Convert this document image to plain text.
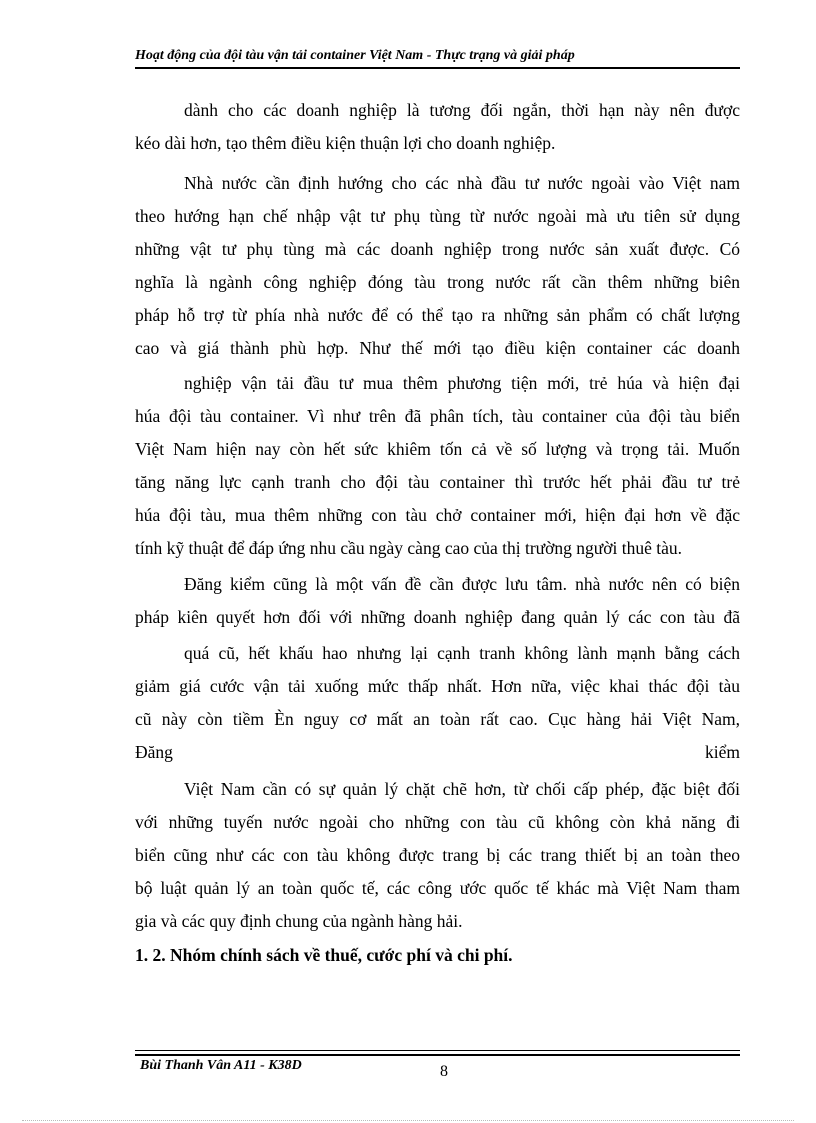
Hoạt động của đội tàu vận tải container Việt Nam - Thực trạng và giải pháp
dành cho các doanh nghiệp là tương đối ngắn, thời hạn này nên được
kéo dài hơn, tạo thêm điều kiện thuận lợi cho doanh nghiệp.
Nhà nước cần định hướng cho các nhà đầu tư nước ngoài vào Việt nam
theo hướng hạn chế nhập vật tư phụ tùng từ nước ngoài mà ưu tiên sử dụng
những vật tư phụ tùng mà các doanh nghiệp trong nước sản xuất được. Có
nghĩa là ngành công nghiệp đóng tàu trong nước rất cần thêm những biên
pháp hỗ trợ từ phía nhà nước để có thể tạo ra những sản phẩm có chất lượng
cao và giá thành phù hợp. Như thế mới tạo điều kiện container các doanh
nghiệp vận tải đầu tư mua thêm phương tiện mới, trẻ húa và hiện đại
húa đội tàu container. Vì như trên đã phân tích, tàu container của đội tàu biển
Việt Nam hiện nay còn hết sức khiêm tốn cả về số lượng và trọng tải. Muốn
tăng năng lực cạnh tranh cho đội tàu container thì trước hết phải đầu tư trẻ
húa đội tàu, mua thêm những con tàu chở container mới, hiện đại hơn về đặc
tính kỹ thuật để đáp ứng nhu cầu ngày càng cao của thị trường người thuê tàu.
Đăng kiểm cũng là một vấn đề cần được lưu tâm. nhà nước nên có biện
pháp kiên quyết hơn đối với những doanh nghiệp đang quản lý các con tàu đã
quá cũ, hết khấu hao nhưng lại cạnh tranh không lành mạnh bằng cách
giảm giá cước vận tải xuống mức thấp nhất. Hơn nữa, việc khai thác đội tàu
cũ này còn tiềm Èn nguy cơ mất an toàn rất cao. Cục hàng hải Việt Nam,
Đăng	kiểm
Việt Nam cần có sự quản lý chặt chẽ hơn, từ chối cấp phép, đặc biệt đối
với những tuyến nước ngoài cho những con tàu cũ không còn khả năng đi
biển cũng như các con tàu không được trang bị các trang thiết bị an toàn theo
bộ luật quản lý an toàn quốc tế, các công ước quốc tế khác mà Việt Nam tham
gia và các quy định chung của ngành hàng hải.
1. 2. Nhóm chính sách về thuế, cước phí và chi phí.
Bùi Thanh Vân A11 - K38D	8
